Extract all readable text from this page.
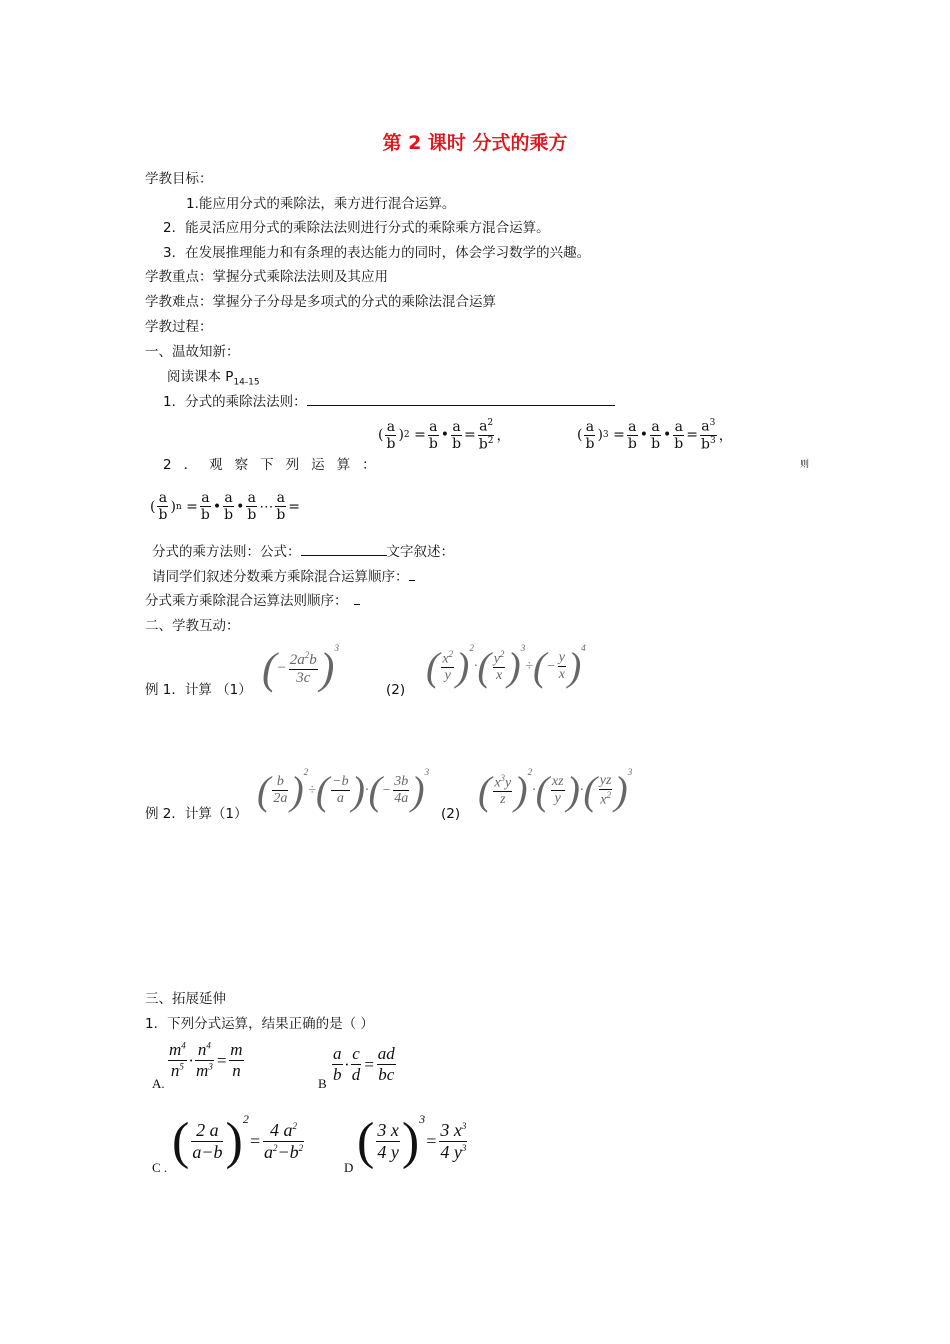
第 2 课时 分式的乘方
学教目标：
1.能应用分式的乘除法，乘方进行混合运算。
2．能灵活应用分式的乘除法法则进行分式的乘除乘方混合运算。
3．在发展推理能力和有条理的表达能力的同时，体会学习数学的兴趣。
学教重点：掌握分式乘除法法则及其应用
学教难点：掌握分子分母是多项式的分式的乘除法混合运算
学教过程：
一、温故知新：
阅读课本 $P_{14-15}$
1．分式的乘除法法则：
2．观察下列运算：
( $\frac{a}{b}$ ) $2 = \frac{a}{b}$ • $\frac{a}{b} = \frac{a^2}{b^2}$ ，	( $\frac{a}{b}$ ) $3 = \frac{a}{b}$ • $\frac{a}{b}$ • $\frac{a}{b} = \frac{a^3}{b^3}$ ，
则
( $\frac{a}{b}$ ) $n = \frac{a}{b}$ • $\frac{a}{b}$ • $\frac{a}{b}$ ⋯ $\frac{a}{b}$ =
分式的乘方法则：公式：	文字叙述：
请同学们叙述分数乘方乘除混合运算顺序：
分式乘方乘除混合运算法则顺序：
二、学教互动：
例 1．计算 （1） ( − $\frac{2a^2b}{3c} )^3$
(2)
( $\frac{x^2}{y} )^2$
· ( $\frac{y^2}{x} )^3$
÷ ( − $\frac{y}{x} )^4$
例 2．计算（1）
( $\frac{b}{2a} )^2$
÷ ( $\frac{-b}{a}$ ) · ( − $\frac{3b}{4a} )^3$
(2)
( $\frac{x^3y}{z} )^2$
· ( $\frac{xz}{y}$ ) · ( $\frac{yz}{x^2} )^3$
三、拓展延伸
1．下列分式运算，结果正确的是（ ）
A.
$\frac{m^4}{n^5} \cdot \frac{n^4}{m^3} = \frac{m}{n}$
B $\frac{a}{b} \cdot \frac{c}{d} = \frac{ad}{bc}$
C . ( $\frac{2 a}{a-b} )^2$
= $\frac{4 a^2}{a^2-b^2}$
D ( $\frac{3 x}{4 y} )^3$
= $\frac{3 x^3}{4 y^3}$
